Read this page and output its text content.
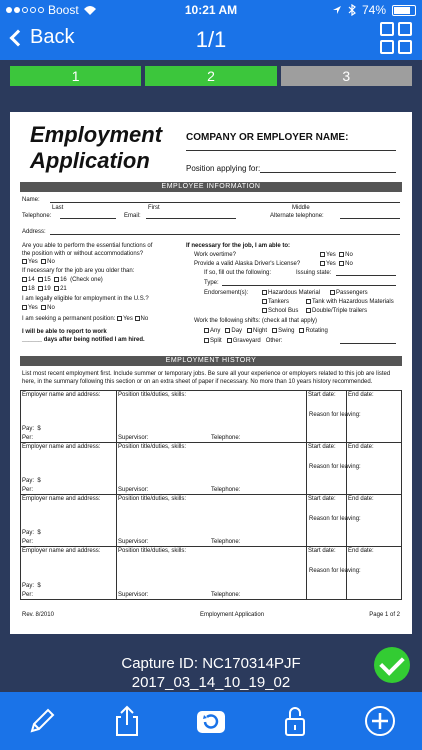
Boost	10:21 AM	74%
Back	1/1
1	2	3
Employment
Application
COMPANY OR EMPLOYER NAME:
Position applying for:
EMPLOYEE INFORMATION
Name:
Last	First	Middle
Telephone:	Email:	Alternate telephone:
Address:
Are you able to perform the essential functions of
the position with or without accommodations?
Yes No
If necessary for the job are you older than:
14 15 16 (Check one)
18 19 21
I am legally eligible for employment in the U.S.?
Yes No
I am seeking a permanent position: Yes No
I will be able to report to work
______ days after being notified I am hired.
If necessary for the job, I am able to:
Work overtime?	Yes No
Provide a valid Alaska Driver's License?	Yes No
If so, fill out the following:	Issuing state:
Type:
Endorsement(s):	Hazardous Material	Passengers
Tankers	Tank with Hazardous Materials
School Bus	Double/Triple trailers
Work the following shifts: (check all that apply)
Any Day Night Swing Rotating
Split Graveyard Other:
EMPLOYMENT HISTORY
List most recent employment first. Include summer or temporary jobs. Be sure all your experience or employers related to this job are listed
here, in the summary following this section or on an extra sheet of paper if necessary. No more than 10 years history recommended.
Employer name and address:
Pay: $
Per:
Position title/duties, skills:
Supervisor:	Telephone:
Start date:	End date:
Reason for leaving:
Employer name and address:
Pay: $
Per:
Position title/duties, skills:
Supervisor:	Telephone:
Start date:	End date:
Reason for leaving:
Employer name and address:
Pay: $
Per:
Position title/duties, skills:
Supervisor:	Telephone:
Start date:	End date:
Reason for leaving:
Employer name and address:
Pay: $
Per:
Position title/duties, skills:
Supervisor:	Telephone:
Start date:	End date:
Reason for leaving:
Rev. 8/2010	Employment Application	Page 1 of 2
Capture ID: NC170314PJF
2017_03_14_10_19_02
